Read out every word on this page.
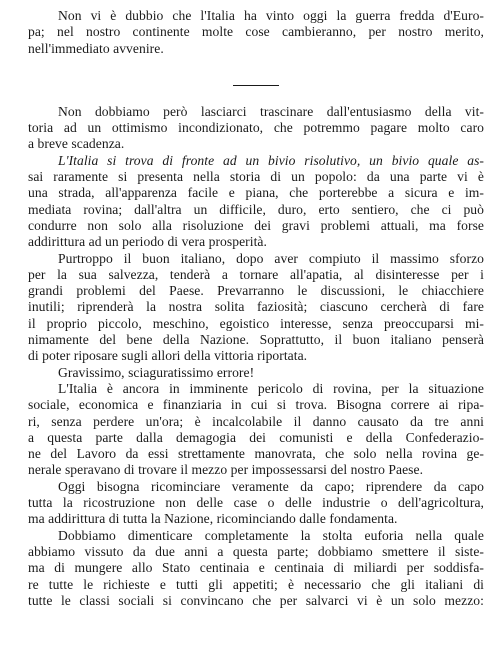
Non vi è dubbio che l'Italia ha vinto oggi la guerra fredda d'Euro-
pa; nel nostro continente molte cose cambieranno, per nostro merito,
nell'immediato avvenire.
Non dobbiamo però lasciarci trascinare dall'entusiasmo della vit-
toria ad un ottimismo incondizionato, che potremmo pagare molto caro
a breve scadenza.
L'Italia si trova di fronte ad un bivio risolutivo, un bivio quale as-
sai raramente si presenta nella storia di un popolo: da una parte vi è
una strada, all'apparenza facile e piana, che porterebbe a sicura e im-
mediata rovina; dall'altra un difficile, duro, erto sentiero, che ci può
condurre non solo alla risoluzione dei gravi problemi attuali, ma forse
addirittura ad un periodo di vera prosperità.
Purtroppo il buon italiano, dopo aver compiuto il massimo sforzo
per la sua salvezza, tenderà a tornare all'apatia, al disinteresse per i
grandi problemi del Paese. Prevarranno le discussioni, le chiacchiere
inutili; riprenderà la nostra solita faziosità; ciascuno cercherà di fare
il proprio piccolo, meschino, egoistico interesse, senza preoccuparsi mi-
nimamente del bene della Nazione. Soprattutto, il buon italiano penserà
di poter riposare sugli allori della vittoria riportata.
Gravissimo, sciaguratissimo errore!
L'Italia è ancora in imminente pericolo di rovina, per la situazione
sociale, economica e finanziaria in cui si trova. Bisogna correre ai ripa-
ri, senza perdere un'ora; è incalcolabile il danno causato da tre anni
a questa parte dalla demagogia dei comunisti e della Confederazio-
ne del Lavoro da essi strettamente manovrata, che solo nella rovina ge-
nerale speravano di trovare il mezzo per impossessarsi del nostro Paese.
Oggi bisogna ricominciare veramente da capo; riprendere da capo
tutta la ricostruzione non delle case o delle industrie o dell'agricoltura,
ma addirittura di tutta la Nazione, ricominciando dalle fondamenta.
Dobbiamo dimenticare completamente la stolta euforia nella quale
abbiamo vissuto da due anni a questa parte; dobbiamo smettere il siste-
ma di mungere allo Stato centinaia e centinaia di miliardi per soddisfa-
re tutte le richieste e tutti gli appetiti; è necessario che gli italiani di
tutte le classi sociali si convincano che per salvarci vi è un solo mezzo:
